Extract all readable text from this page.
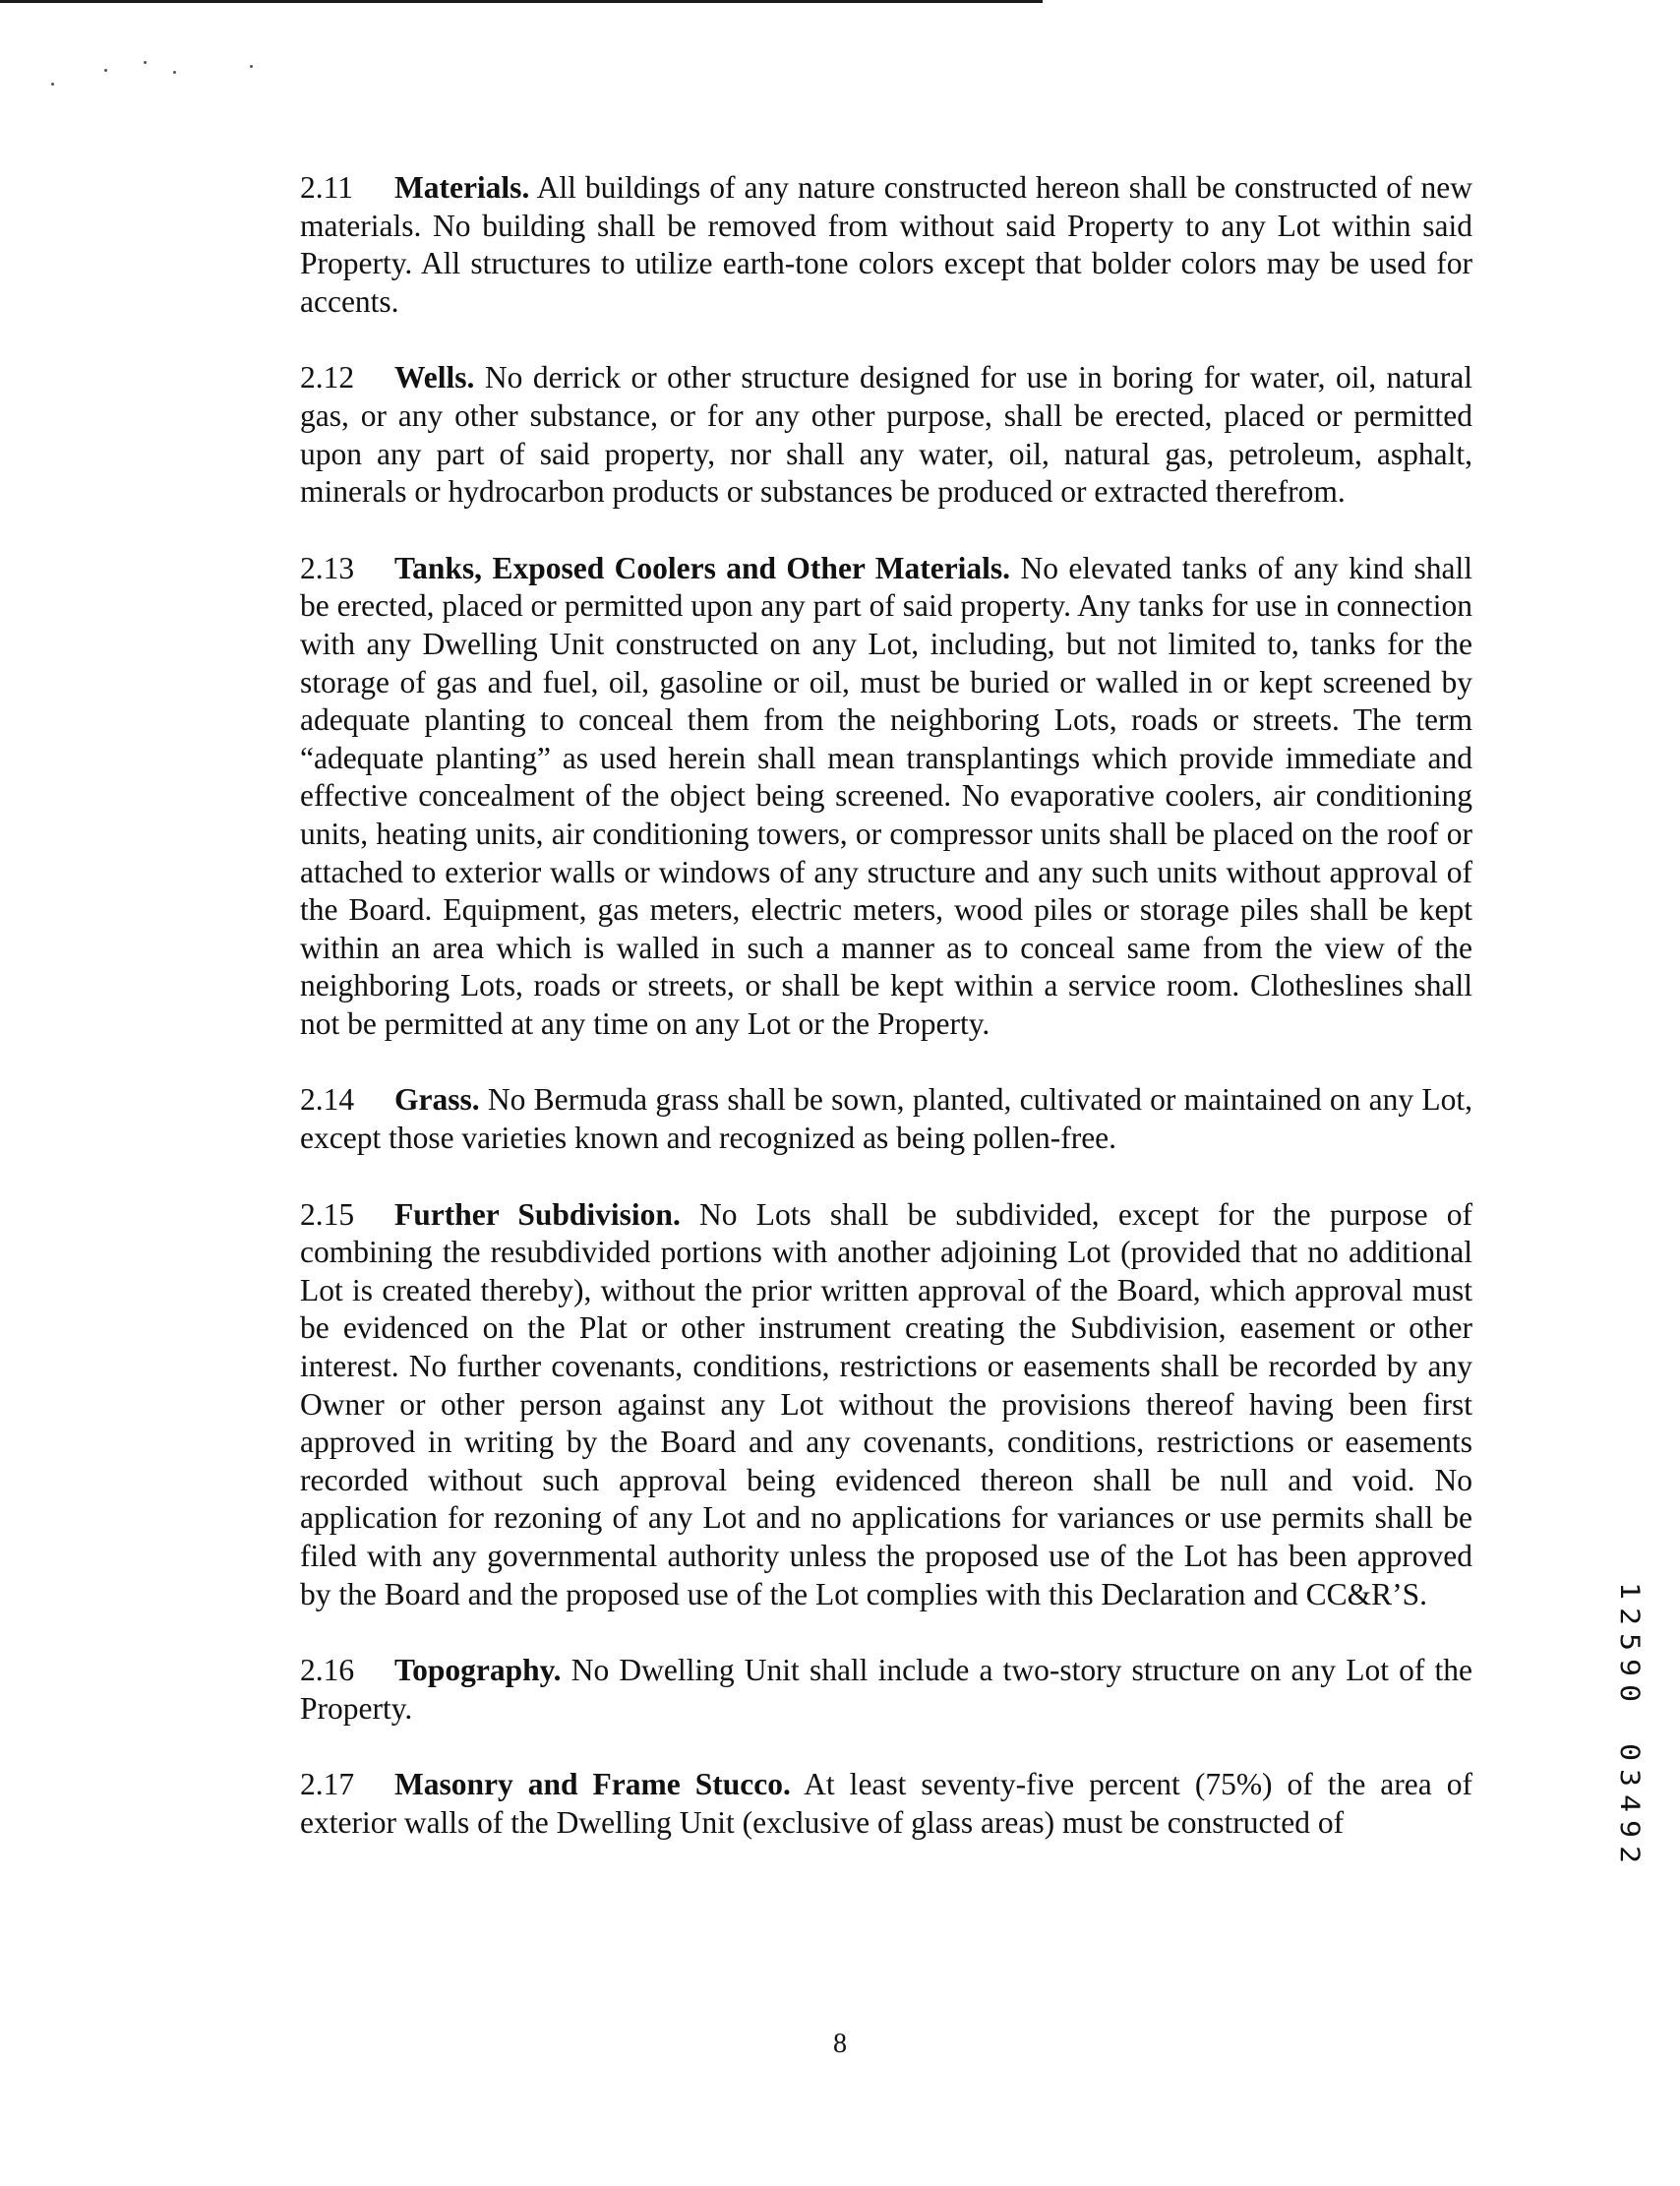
2.11 Materials. All buildings of any nature constructed hereon shall be constructed of new materials. No building shall be removed from without said Property to any Lot within said Property. All structures to utilize earth-tone colors except that bolder colors may be used for accents.

2.12 Wells. No derrick or other structure designed for use in boring for water, oil, natural gas, or any other substance, or for any other purpose, shall be erected, placed or permitted upon any part of said property, nor shall any water, oil, natural gas, petroleum, asphalt, minerals or hydrocarbon products or substances be produced or extracted therefrom.

2.13 Tanks, Exposed Coolers and Other Materials. No elevated tanks of any kind shall be erected, placed or permitted upon any part of said property. Any tanks for use in connection with any Dwelling Unit constructed on any Lot, including, but not limited to, tanks for the storage of gas and fuel, oil, gasoline or oil, must be buried or walled in or kept screened by adequate planting to conceal them from the neighboring Lots, roads or streets. The term “adequate planting” as used herein shall mean transplantings which provide immediate and effective concealment of the object being screened. No evaporative coolers, air conditioning units, heating units, air conditioning towers, or compressor units shall be placed on the roof or attached to exterior walls or windows of any structure and any such units without approval of the Board. Equipment, gas meters, electric meters, wood piles or storage piles shall be kept within an area which is walled in such a manner as to conceal same from the view of the neighboring Lots, roads or streets, or shall be kept within a service room. Clotheslines shall not be permitted at any time on any Lot or the Property.

2.14 Grass. No Bermuda grass shall be sown, planted, cultivated or maintained on any Lot, except those varieties known and recognized as being pollen-free.

2.15 Further Subdivision. No Lots shall be subdivided, except for the purpose of combining the resubdivided portions with another adjoining Lot (provided that no additional Lot is created thereby), without the prior written approval of the Board, which approval must be evidenced on the Plat or other instrument creating the Subdivision, easement or other interest. No further covenants, conditions, restrictions or easements shall be recorded by any Owner or other person against any Lot without the provisions thereof having been first approved in writing by the Board and any covenants, conditions, restrictions or easements recorded without such approval being evidenced thereon shall be null and void. No application for rezoning of any Lot and no applications for variances or use permits shall be filed with any governmental authority unless the proposed use of the Lot has been approved by the Board and the proposed use of the Lot complies with this Declaration and CC&R’S.

2.16 Topography. No Dwelling Unit shall include a two-story structure on any Lot of the Property.

2.17 Masonry and Frame Stucco. At least seventy-five percent (75%) of the area of exterior walls of the Dwelling Unit (exclusive of glass areas) must be constructed of

8
1
2
5
9
0
0
3
4
9
2
